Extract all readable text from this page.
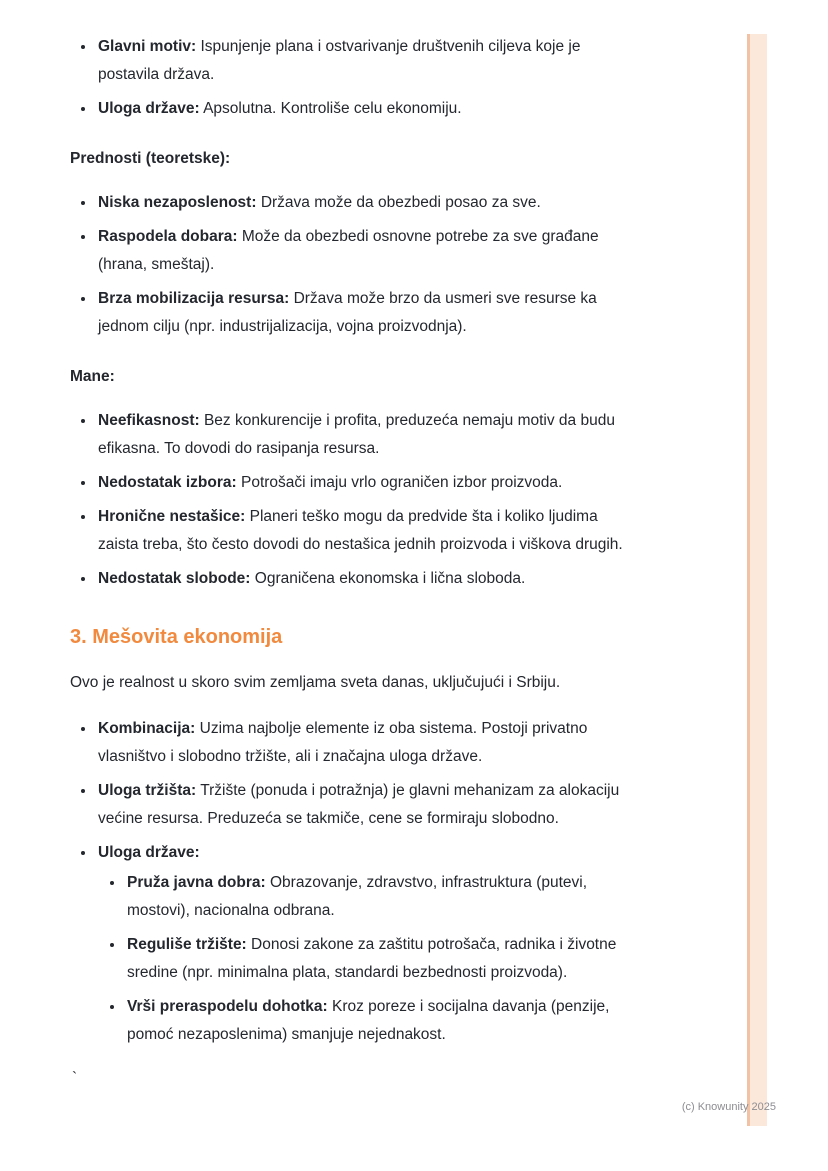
• Glavni motiv: Ispunjenje plana i ostvarivanje društvenih ciljeva koje je postavila država.
• Uloga države: Apsolutna. Kontroliše celu ekonomiju.

Prednosti (teoretske):

• Niska nezaposlenost: Država može da obezbedi posao za sve.
• Raspodela dobara: Može da obezbedi osnovne potrebe za sve građane (hrana, smeštaj).
• Brza mobilizacija resursa: Država može brzo da usmeri sve resurse ka jednom cilju (npr. industrijalizacija, vojna proizvodnja).

Mane:

• Neefikasnost: Bez konkurencije i profita, preduzeća nemaju motiv da budu efikasna. To dovodi do rasipanja resursa.
• Nedostatak izbora: Potrošači imaju vrlo ograničen izbor proizvoda.
• Hronične nestašice: Planeri teško mogu da predvide šta i koliko ljudima zaista treba, što često dovodi do nestašica jednih proizvoda i viškova drugih.
• Nedostatak slobode: Ograničena ekonomska i lična sloboda.
3. Mešovita ekonomija

Ovo je realnost u skoro svim zemljama sveta danas, uključujući i Srbiju.

• Kombinacija: Uzima najbolje elemente iz oba sistema. Postoji privatno vlasništvo i slobodno tržište, ali i značajna uloga države.
• Uloga tržišta: Tržište (ponuda i potražnja) je glavni mehanizam za alokaciju većine resursa. Preduzeća se takmiče, cene se formiraju slobodno.
• Uloga države:
• Pruža javna dobra: Obrazovanje, zdravstvo, infrastruktura (putevi, mostovi), nacionalna odbrana.
• Reguliše tržište: Donosi zakone za zaštitu potrošača, radnika i životne sredine (npr. minimalna plata, standardi bezbednosti proizvoda).
• Vrši preraspodelu dohotka: Kroz poreze i socijalna davanja (penzije, pomoć nezaposlenima) smanjuje nejednakost.

`

(c) Knowunity 2025
